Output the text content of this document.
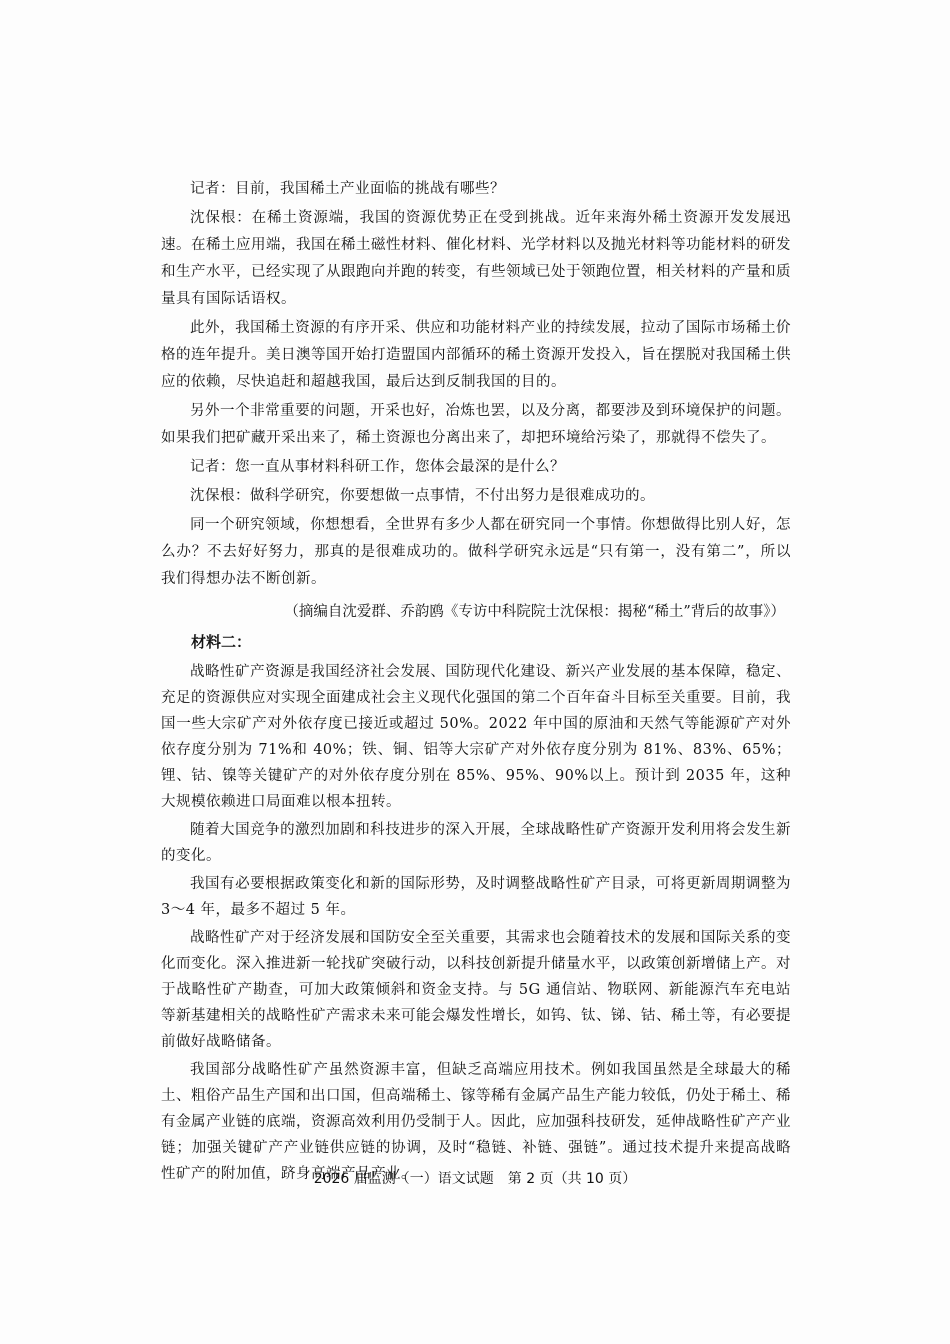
记者：目前，我国稀土产业面临的挑战有哪些？

沈保根：在稀土资源端，我国的资源优势正在受到挑战。近年来海外稀土资源开发发展迅速。在稀土应用端，我国在稀土磁性材料、催化材料、光学材料以及抛光材料等功能材料的研发和生产水平，已经实现了从跟跑向并跑的转变，有些领域已处于领跑位置，相关材料的产量和质量具有国际话语权。

此外，我国稀土资源的有序开采、供应和功能材料产业的持续发展，拉动了国际市场稀土价格的连年提升。美日澳等国开始打造盟国内部循环的稀土资源开发投入，旨在摆脱对我国稀土供应的依赖，尽快追赶和超越我国，最后达到反制我国的目的。

另外一个非常重要的问题，开采也好，冶炼也罢，以及分离，都要涉及到环境保护的问题。如果我们把矿藏开采出来了，稀土资源也分离出来了，却把环境给污染了，那就得不偿失了。

记者：您一直从事材料科研工作，您体会最深的是什么？

沈保根：做科学研究，你要想做一点事情，不付出努力是很难成功的。

同一个研究领域，你想想看，全世界有多少人都在研究同一个事情。你想做得比别人好，怎么办？不去好好努力，那真的是很难成功的。做科学研究永远是“只有第一，没有第二”，所以我们得想办法不断创新。

（摘编自沈爱群、乔韵鸥《专访中科院院士沈保根：揭秘“稀土”背后的故事》）

材料二：

战略性矿产资源是我国经济社会发展、国防现代化建设、新兴产业发展的基本保障，稳定、充足的资源供应对实现全面建成社会主义现代化强国的第二个百年奋斗目标至关重要。目前，我国一些大宗矿产对外依存度已接近或超过 50%。2022 年中国的原油和天然气等能源矿产对外依存度分别为 71%和 40%；铁、铜、铝等大宗矿产对外依存度分别为 81%、83%、65%；锂、钴、镍等关键矿产的对外依存度分别在 85%、95%、90%以上。预计到 2035 年，这种大规模依赖进口局面难以根本扭转。

随着大国竞争的激烈加剧和科技进步的深入开展，全球战略性矿产资源开发利用将会发生新的变化。

我国有必要根据政策变化和新的国际形势，及时调整战略性矿产目录，可将更新周期调整为 3～4 年，最多不超过 5 年。

战略性矿产对于经济发展和国防安全至关重要，其需求也会随着技术的发展和国际关系的变化而变化。深入推进新一轮找矿突破行动，以科技创新提升储量水平，以政策创新增储上产。对于战略性矿产勘查，可加大政策倾斜和资金支持。与 5G 通信站、物联网、新能源汽车充电站等新基建相关的战略性矿产需求未来可能会爆发性增长，如钨、钛、锑、钴、稀土等，有必要提前做好战略储备。

我国部分战略性矿产虽然资源丰富，但缺乏高端应用技术。例如我国虽然是全球最大的稀土、粗俗产品生产国和出口国，但高端稀土、镓等稀有金属产品生产能力较低，仍处于稀土、稀有金属产业链的底端，资源高效利用仍受制于人。因此，应加强科技研发，延伸战略性矿产产业链；加强关键矿产产业链供应链的协调，及时“稳链、补链、强链”。通过技术提升来提高战略性矿产的附加值，跻身高端产品产业。

2026 届监测（一）语文试题　第 2 页（共 10 页）
